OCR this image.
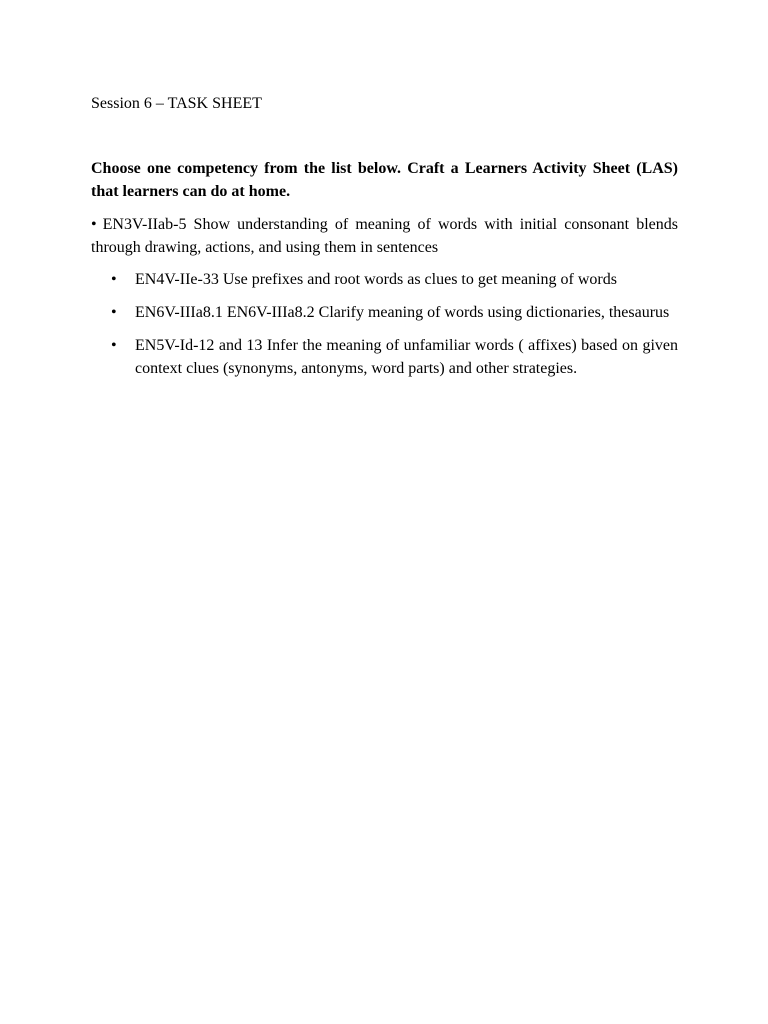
Session 6 – TASK SHEET
Choose one competency from the list below. Craft a Learners Activity Sheet (LAS) that learners can do at home.
• EN3V-IIab-5 Show understanding of meaning of words with initial consonant blends through drawing, actions, and using them in sentences
• EN4V-IIe-33 Use prefixes and root words as clues to get meaning of words
• EN6V-IIIa8.1 EN6V-IIIa8.2 Clarify meaning of words using dictionaries, thesaurus
• EN5V-Id-12 and 13 Infer the meaning of unfamiliar words ( affixes) based on given context clues (synonyms, antonyms, word parts) and other strategies.
